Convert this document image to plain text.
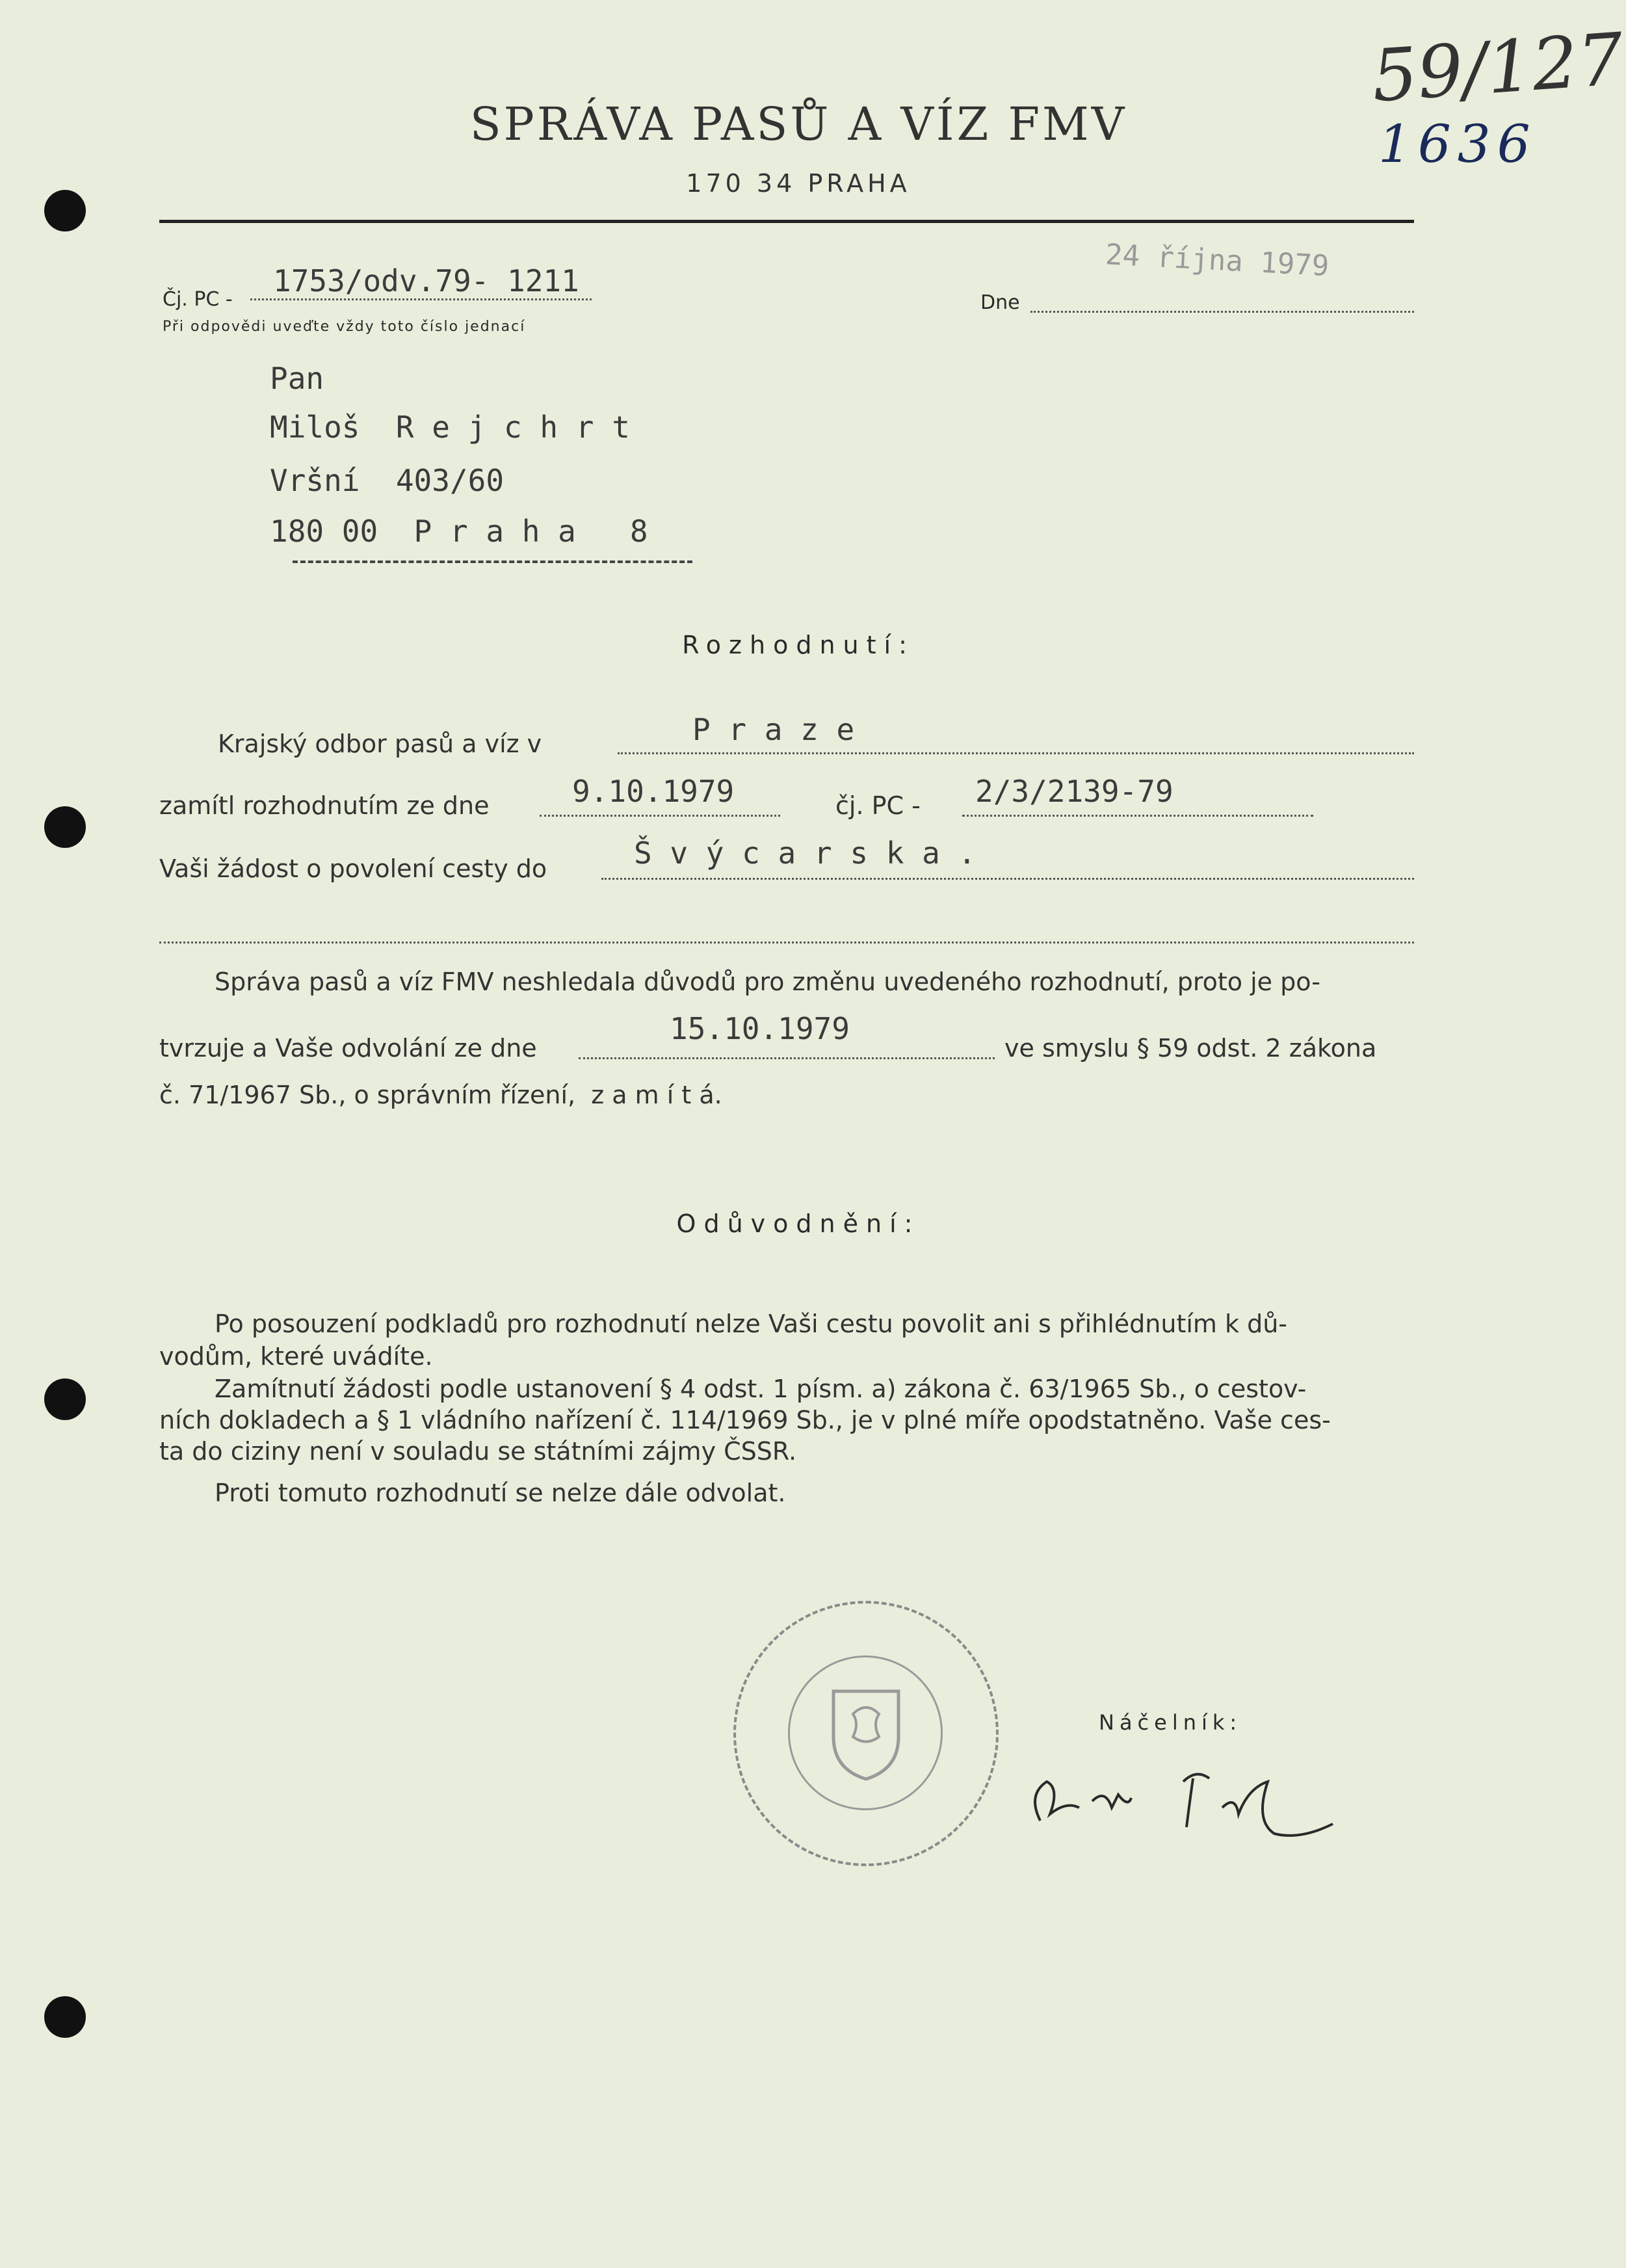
59/127
1636
SPRÁVA PASŮ A VÍZ FMV
170 34 PRAHA
Čj. PC -
1753/odv.79- 1211
Při odpovědi uveďte vždy toto číslo jednací
Dne
24 října 1979
Pan
Miloš  R e j c h r t
Vršní  403/60
180 00  P r a h a   8
Rozhodnutí:
Krajský odbor pasů a víz v	P r a z e
zamítl rozhodnutím ze dne	9.10.1979	čj. PC - 2/3/2139-79
Vaši žádost o povolení cesty do	Š v ý c a r s k a .
Správa pasů a víz FMV neshledala důvodů pro změnu uvedeného rozhodnutí, proto je po-
tvrzuje a Vaše odvolání ze dne
15.10.1979
ve smyslu § 59 odst. 2 zákona
č. 71/1967 Sb., o správním řízení,  z a m í t á.
Odůvodnění:
Po posouzení podkladů pro rozhodnutí nelze Vaši cestu povolit ani s přihlédnutím k dů-
vodům, které uvádíte.
Zamítnutí žádosti podle ustanovení § 4 odst. 1 písm. a) zákona č. 63/1965 Sb., o cestov-
ních dokladech a § 1 vládního nařízení č. 114/1969 Sb., je v plné míře opodstatněno. Vaše ces-
ta do ciziny není v souladu se státními zájmy ČSSR.
Proti tomuto rozhodnutí se nelze dále odvolat.
Náčelník:
